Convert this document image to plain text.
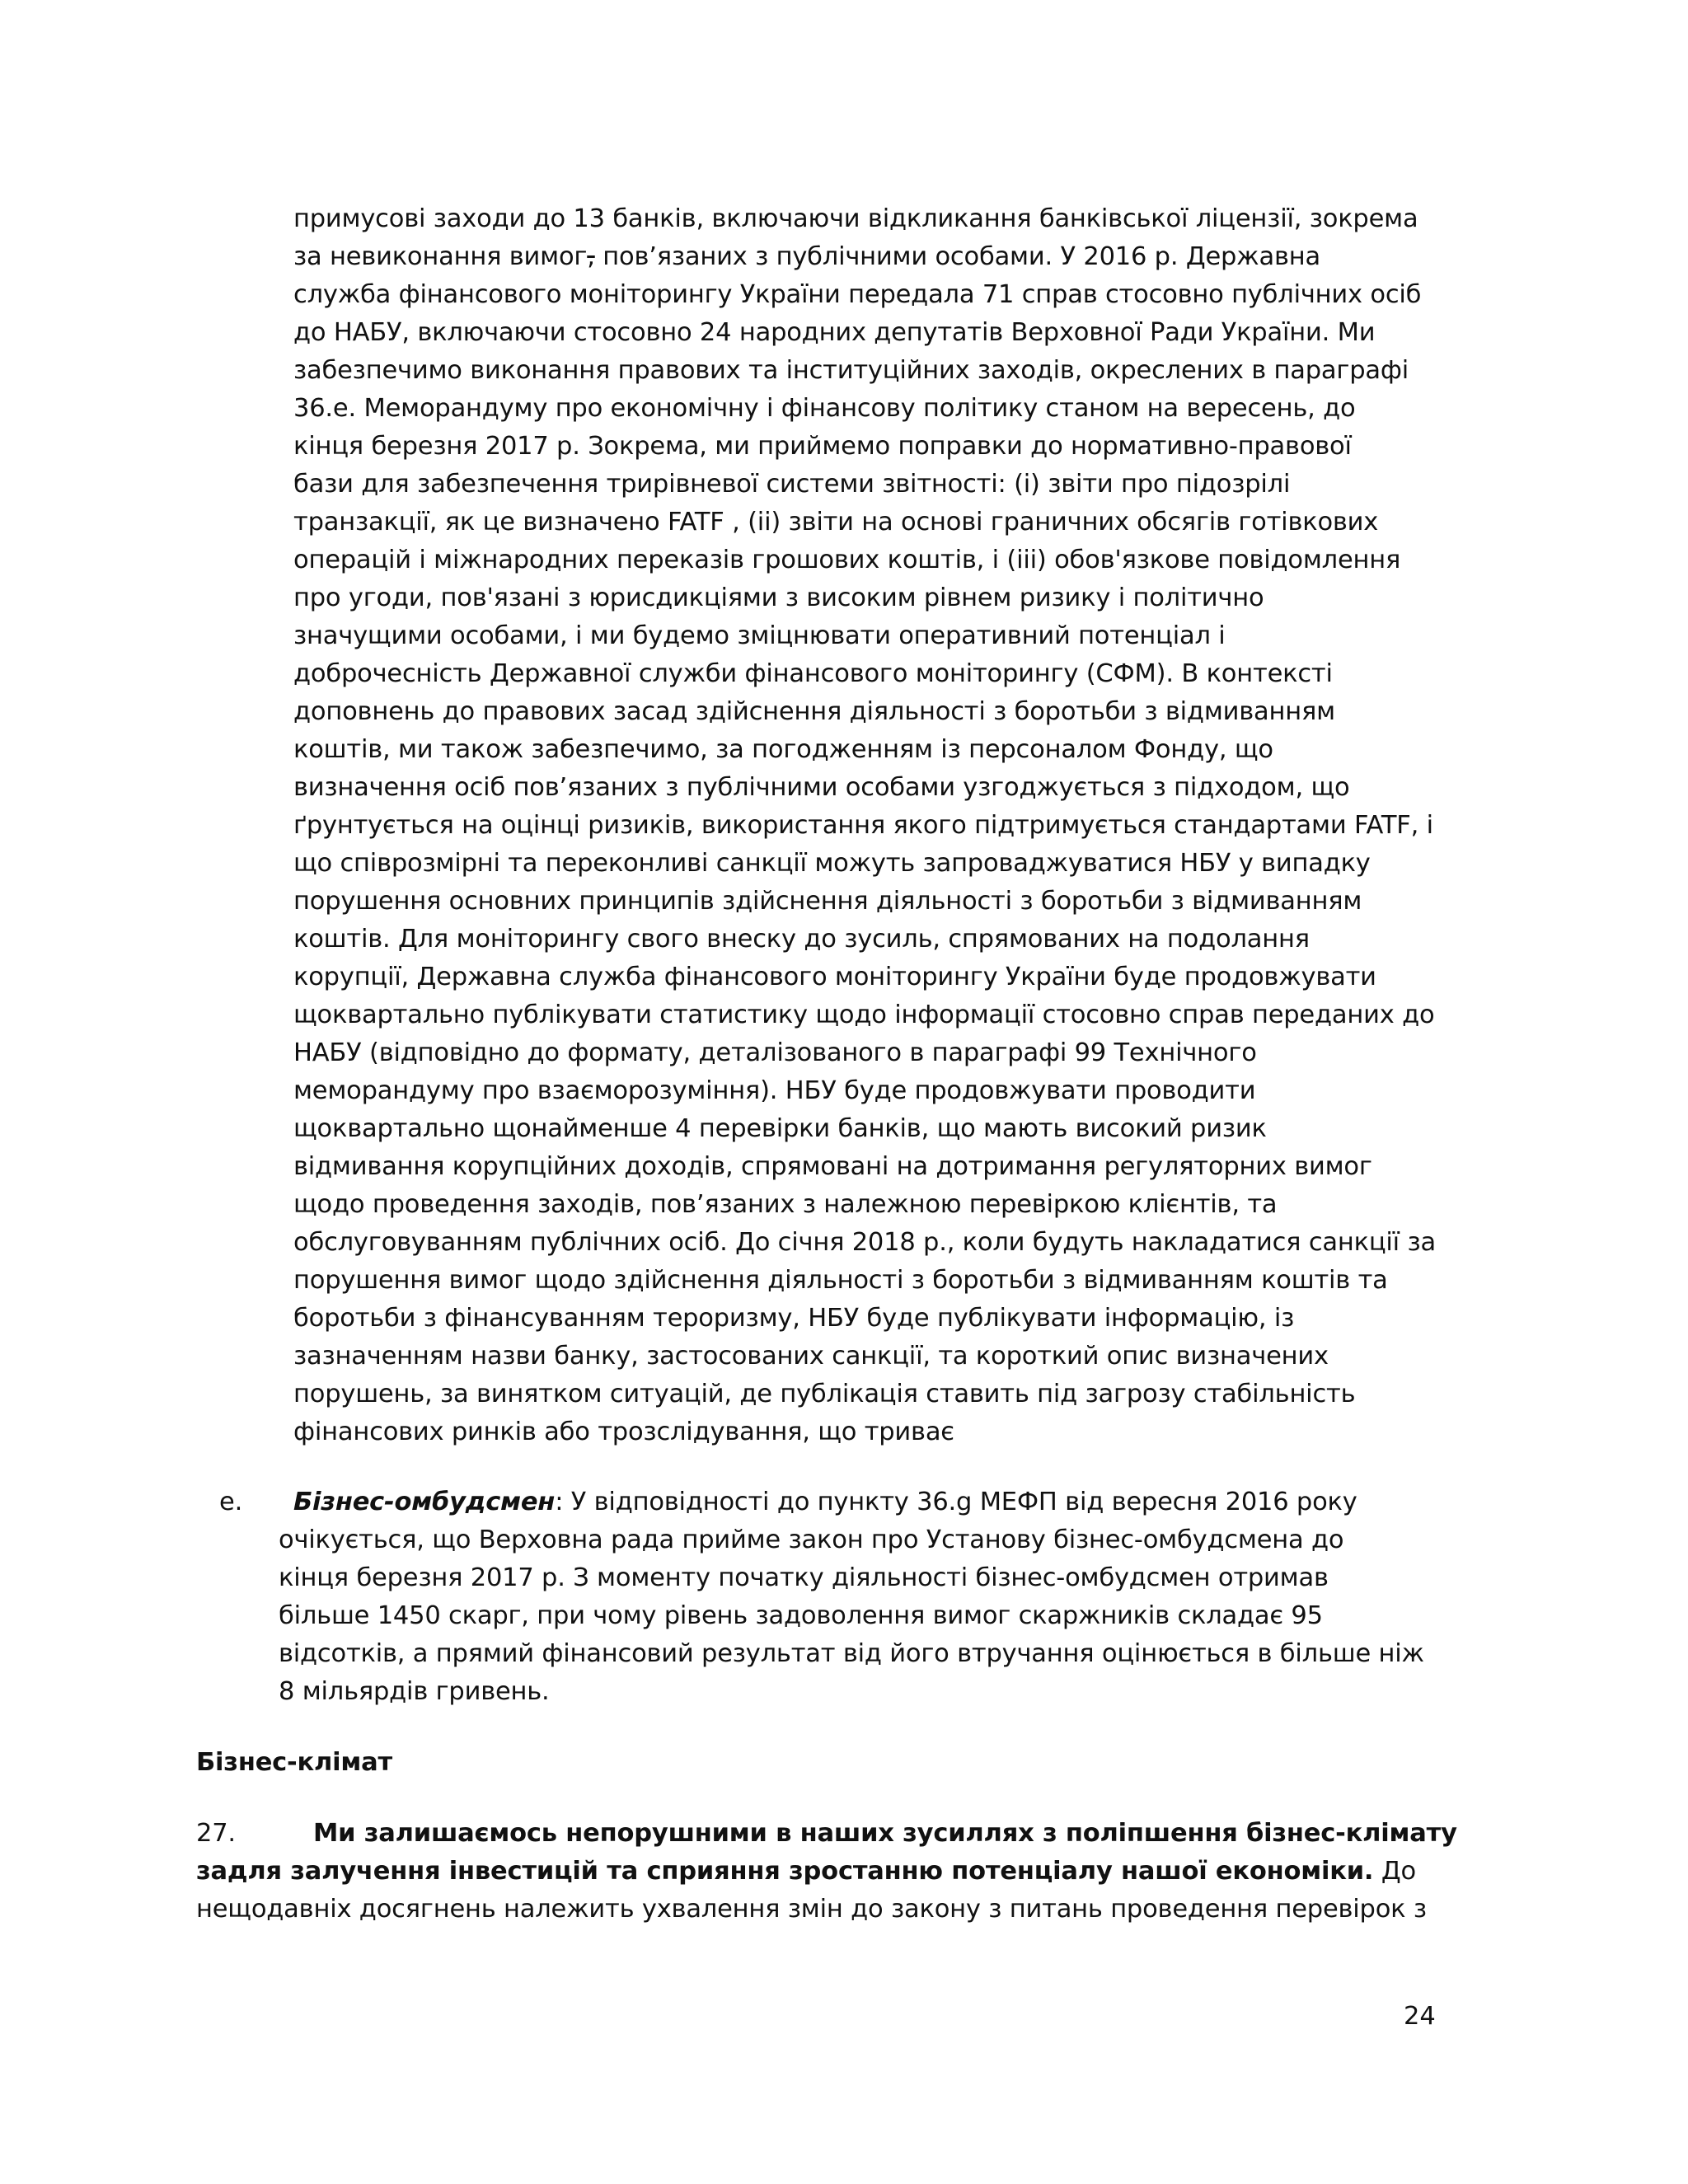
примусові заходи до 13 банків, включаючи відкликання банківської ліцензії, зокрема
за невиконання вимог, пов’язаних з публічними особами. У 2016 р. Державна
служба фінансового моніторингу України передала 71 справ стосовно публічних осіб
до НАБУ, включаючи стосовно 24 народних депутатів Верховної Ради України. Ми
забезпечимо виконання правових та інституційних заходів, окреслених в параграфі
36.е. Меморандуму про економічну і фінансову політику станом на вересень, до
кінця березня 2017 р. Зокрема, ми приймемо поправки до нормативно-правової
бази для забезпечення трирівневої системи звітності: (i) звіти про підозрілі
транзакції, як це визначено FATF , (ii) звіти на основі граничних обсягів готівкових
операцій і міжнародних переказів грошових коштів, і (iii) обов'язкове повідомлення
про угоди, пов'язані з юрисдикціями з високим рівнем ризику і політично
значущими особами, і ми будемо зміцнювати оперативний потенціал і
доброчесність Державної служби фінансового моніторингу (СФМ). В контексті
доповнень до правових засад здійснення діяльності з боротьби з відмиванням
коштів, ми також забезпечимо, за погодженням із персоналом Фонду, що
визначення осіб пов’язаних з публічними особами узгоджується з підходом, що
ґрунтується на оцінці ризиків, використання якого підтримується стандартами FATF, і
що співрозмірні та переконливі санкції можуть запроваджуватися НБУ у випадку
порушення основних принципів здійснення діяльності з боротьби з відмиванням
коштів. Для моніторингу свого внеску до зусиль, спрямованих на подолання
корупції, Державна служба фінансового моніторингу України буде продовжувати
щоквартально публікувати статистику щодо інформації стосовно справ переданих до
НАБУ (відповідно до формату, деталізованого в параграфі 99 Технічного
меморандуму про взаєморозуміння). НБУ буде продовжувати проводити
щоквартально щонайменше 4 перевірки банків, що мають високий ризик
відмивання корупційних доходів, спрямовані на дотримання регуляторних вимог
щодо проведення заходів, пов’язаних з належною перевіркою клієнтів, та
обслуговуванням публічних осіб. До січня 2018 р., коли будуть накладатися санкції за
порушення вимог щодо здійснення діяльності з боротьби з відмиванням коштів та
боротьби з фінансуванням тероризму, НБУ буде публікувати інформацію, із
зазначенням назви банку, застосованих санкції, та короткий опис визначених
порушень, за винятком ситуацій, де публікація ставить під загрозу стабільність
фінансових ринків або трозслідування, що триває
e. Бізнес-омбудсмен: У відповідності до пункту 36.g МЕФП від вересня 2016 року
очікується, що Верховна рада прийме закон про Установу бізнес-омбудсмена до
кінця березня 2017 р. З моменту початку діяльності бізнес-омбудсмен отримав
більше 1450 скарг, при чому рівень задоволення вимог скаржників складає 95
відсотків, а прямий фінансовий результат від його втручання оцінюється в більше ніж
8 мільярдів гривень.
Бізнес-клімат
27.	Ми залишаємось непорушними в наших зусиллях з поліпшення бізнес-клімату
задля залучення інвестицій та сприяння зростанню потенціалу нашої економіки. До
нещодавніх досягнень належить ухвалення змін до закону з питань проведення перевірок з
24
